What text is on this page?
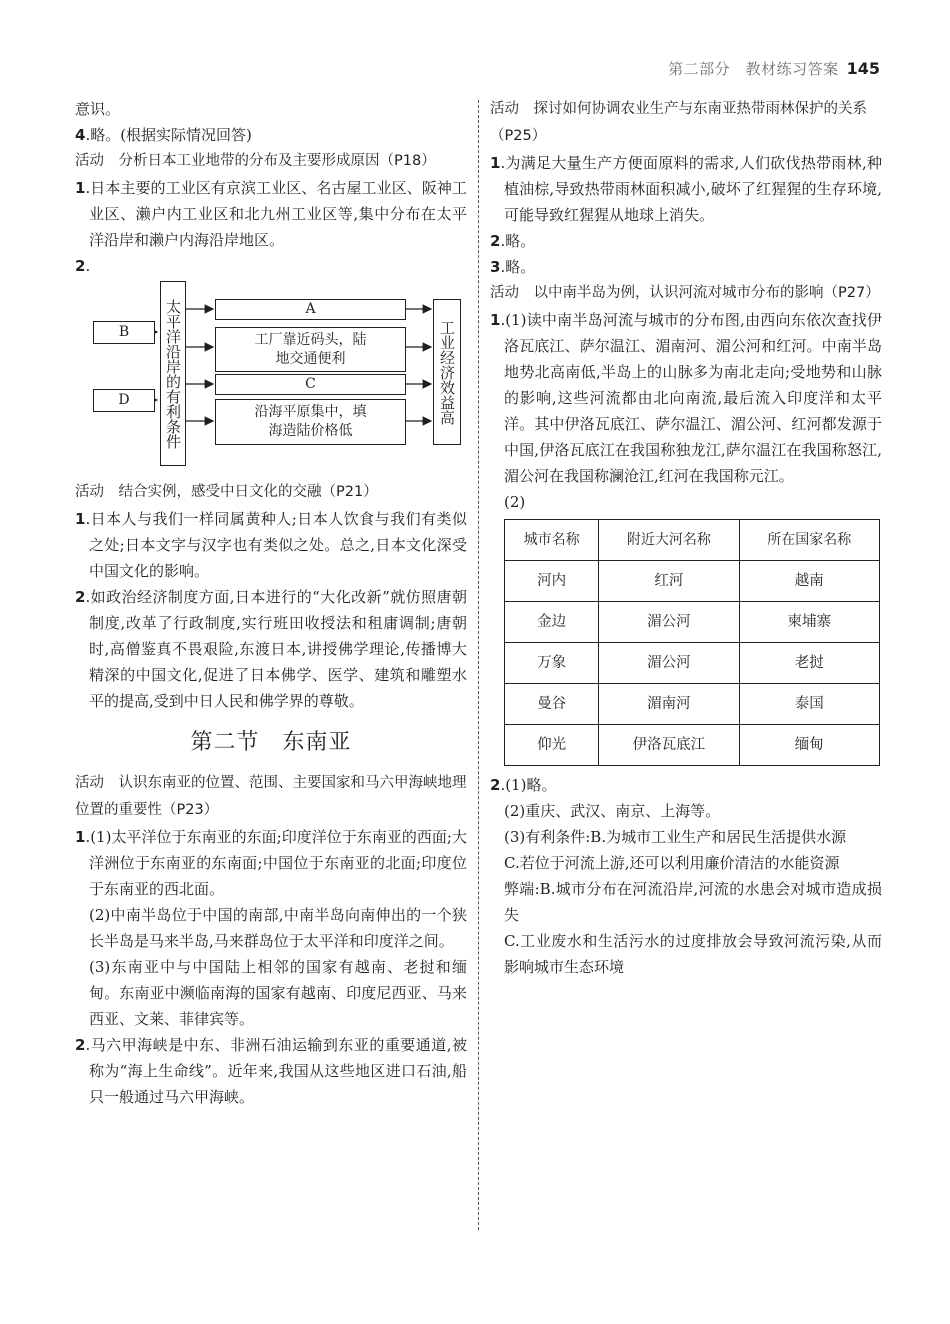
第二部分　教材练习答案 145

意识。

4.略。(根据实际情况回答)

活动　分析日本工业地带的分布及主要形成原因（P18）

1.日本主要的工业区有京滨工业区、名古屋工业区、阪神工业区、濑户内工业区和北九州工业区等,集中分布在太平洋沿岸和濑户内海沿岸地区。

2.

B
D	太平洋沿岸的有利条件	A
工厂靠近码头，陆地交通便利
C
沿海平原集中，填海造陆价格低
工业经济效益高

活动　结合实例，感受中日文化的交融（P21）

1.日本人与我们一样同属黄种人;日本人饮食与我们有类似之处;日本文字与汉字也有类似之处。总之,日本文化深受中国文化的影响。

2.如政治经济制度方面,日本进行的“大化改新”就仿照唐朝制度,改革了行政制度,实行班田收授法和租庸调制;唐朝时,高僧鉴真不畏艰险,东渡日本,讲授佛学理论,传播博大精深的中国文化,促进了日本佛学、医学、建筑和雕塑水平的提高,受到中日人民和佛学界的尊敬。

第二节　东南亚

活动　认识东南亚的位置、范围、主要国家和马六甲海峡地理位置的重要性（P23）

1.(1)太平洋位于东南亚的东面;印度洋位于东南亚的西面;大洋洲位于东南亚的东南面;中国位于东南亚的北面;印度位于东南亚的西北面。

(2)中南半岛位于中国的南部,中南半岛向南伸出的一个狭长半岛是马来半岛,马来群岛位于太平洋和印度洋之间。

(3)东南亚中与中国陆上相邻的国家有越南、老挝和缅甸。东南亚中濒临南海的国家有越南、印度尼西亚、马来西亚、文莱、菲律宾等。

2.马六甲海峡是中东、非洲石油运输到东亚的重要通道,被称为“海上生命线”。近年来,我国从这些地区进口石油,船只一般通过马六甲海峡。

活动　探讨如何协调农业生产与东南亚热带雨林保护的关系（P25）

1.为满足大量生产方便面原料的需求,人们砍伐热带雨林,种植油棕,导致热带雨林面积减小,破坏了红猩猩的生存环境,可能导致红猩猩从地球上消失。

2.略。

3.略。

活动　以中南半岛为例，认识河流对城市分布的影响（P27）

1.(1)读中南半岛河流与城市的分布图,由西向东依次查找伊洛瓦底江、萨尔温江、湄南河、湄公河和红河。中南半岛地势北高南低,半岛上的山脉多为南北走向;受地势和山脉的影响,这些河流都由北向南流,最后流入印度洋和太平洋。其中伊洛瓦底江、萨尔温江、湄公河、红河都发源于中国,伊洛瓦底江在我国称独龙江,萨尔温江在我国称怒江,湄公河在我国称澜沧江,红河在我国称元江。

(2)

城市名称	附近大河名称	所在国家名称
河内	红河	越南
金边	湄公河	柬埔寨
万象	湄公河	老挝
曼谷	湄南河	泰国
仰光	伊洛瓦底江	缅甸

2.(1)略。

(2)重庆、武汉、南京、上海等。

(3)有利条件:B.为城市工业生产和居民生活提供水源

C.若位于河流上游,还可以利用廉价清洁的水能资源

弊端:B.城市分布在河流沿岸,河流的水患会对城市造成损失

C.工业废水和生活污水的过度排放会导致河流污染,从而影响城市生态环境
